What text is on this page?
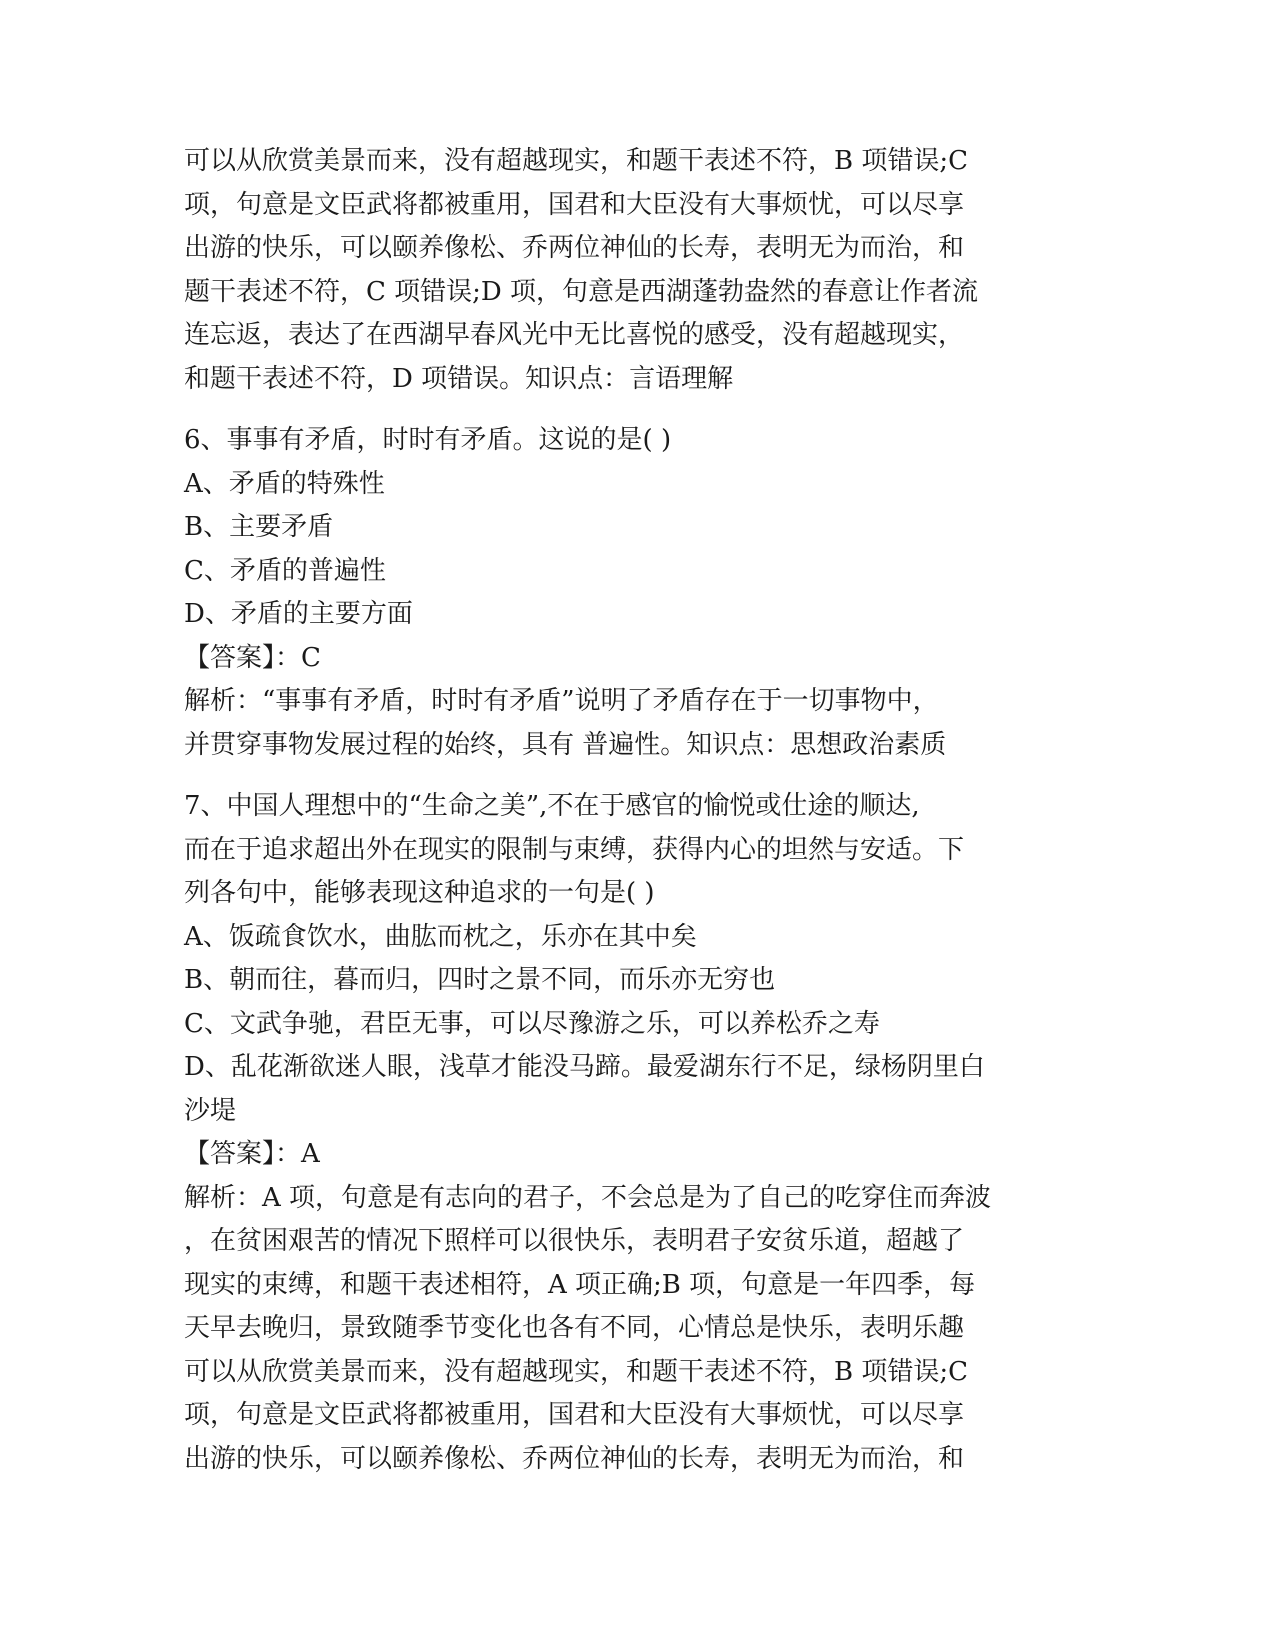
可以从欣赏美景而来，没有超越现实，和题干表述不符，B 项错误;C
项，句意是文臣武将都被重用，国君和大臣没有大事烦忧，可以尽享
出游的快乐，可以颐养像松、乔两位神仙的长寿，表明无为而治，和
题干表述不符，C 项错误;D 项，句意是西湖蓬勃盎然的春意让作者流
连忘返，表达了在西湖早春风光中无比喜悦的感受，没有超越现实，
和题干表述不符，D 项错误。知识点：言语理解
6、事事有矛盾，时时有矛盾。这说的是( )
A、矛盾的特殊性
B、主要矛盾
C、矛盾的普遍性
D、矛盾的主要方面
【答案】：C
解析：“事事有矛盾，时时有矛盾”说明了矛盾存在于一切事物中，
并贯穿事物发展过程的始终，具有 普遍性。知识点：思想政治素质
7、中国人理想中的“生命之美”,不在于感官的愉悦或仕途的顺达,
而在于追求超出外在现实的限制与束缚，获得内心的坦然与安适。下
列各句中，能够表现这种追求的一句是( )
A、饭疏食饮水，曲肱而枕之，乐亦在其中矣
B、朝而往，暮而归，四时之景不同，而乐亦无穷也
C、文武争驰，君臣无事，可以尽豫游之乐，可以养松乔之寿
D、乱花渐欲迷人眼，浅草才能没马蹄。最爱湖东行不足，绿杨阴里白
沙堤
【答案】：A
解析：A 项，句意是有志向的君子，不会总是为了自己的吃穿住而奔波
，在贫困艰苦的情况下照样可以很快乐，表明君子安贫乐道，超越了
现实的束缚，和题干表述相符，A 项正确;B 项，句意是一年四季，每
天早去晚归，景致随季节变化也各有不同，心情总是快乐，表明乐趣
可以从欣赏美景而来，没有超越现实，和题干表述不符，B 项错误;C
项，句意是文臣武将都被重用，国君和大臣没有大事烦忧，可以尽享
出游的快乐，可以颐养像松、乔两位神仙的长寿，表明无为而治，和
